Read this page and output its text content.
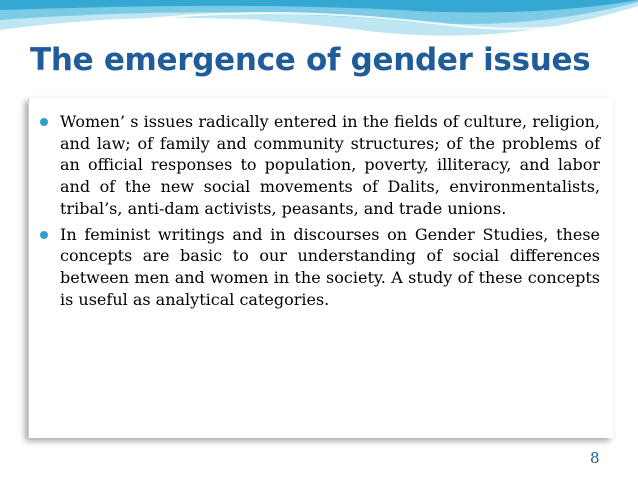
The emergence of gender issues
Women’ s issues radically entered in the fields of culture, religion, and law; of family and community structures; of the problems of an official responses to population, poverty, illiteracy, and labor and of the new social movements of Dalits, environmentalists, tribal’s, anti-dam activists, peasants, and trade unions.
In feminist writings and in discourses on Gender Studies, these concepts are basic to our understanding of social differences between men and women in the society. A study of these concepts is useful as analytical categories.
8
